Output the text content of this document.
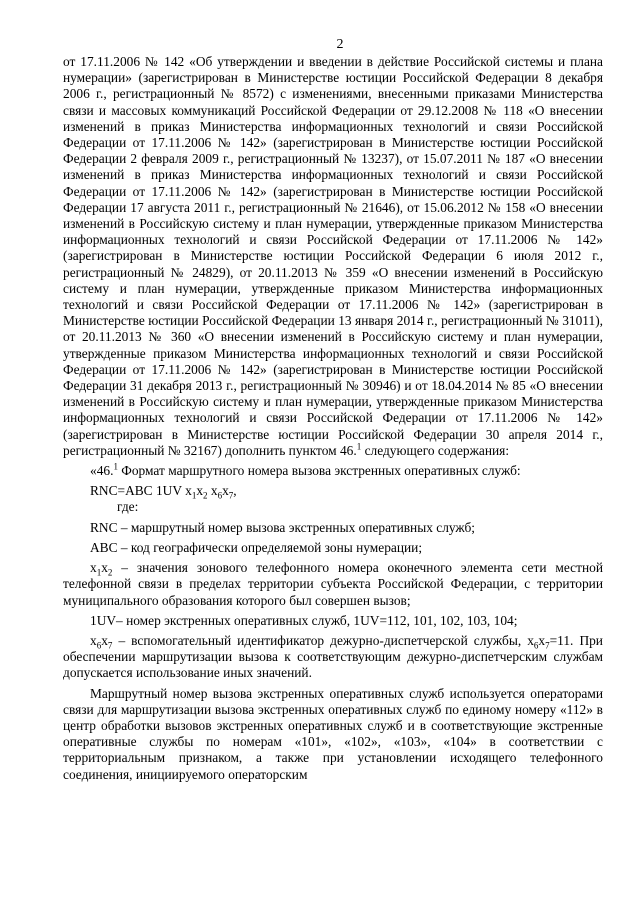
2

от 17.11.2006 № 142 «Об утверждении и введении в действие Российской системы и плана нумерации» (зарегистрирован в Министерстве юстиции Российской Федерации 8 декабря 2006 г., регистрационный № 8572) с изменениями, внесенными приказами Министерства связи и массовых коммуникаций Российской Федерации от 29.12.2008 № 118 «О внесении изменений в приказ Министерства информационных технологий и связи Российской Федерации от 17.11.2006 № 142» (зарегистрирован в Министерстве юстиции Российской Федерации 2 февраля 2009 г., регистрационный № 13237), от 15.07.2011 № 187 «О внесении изменений в приказ Министерства информационных технологий и связи Российской Федерации от 17.11.2006 № 142» (зарегистрирован в Министерстве юстиции Российской Федерации 17 августа 2011 г., регистрационный № 21646), от 15.06.2012 № 158 «О внесении изменений в Российскую систему и план нумерации, утвержденные приказом Министерства информационных технологий и связи Российской Федерации от 17.11.2006 № 142» (зарегистрирован в Министерстве юстиции Российской Федерации 6 июля 2012 г., регистрационный № 24829), от 20.11.2013 № 359 «О внесении изменений в Российскую систему и план нумерации, утвержденные приказом Министерства информационных технологий и связи Российской Федерации от 17.11.2006 № 142» (зарегистрирован в Министерстве юстиции Российской Федерации 13 января 2014 г., регистрационный № 31011), от 20.11.2013 № 360 «О внесении изменений в Российскую систему и план нумерации, утвержденные приказом Министерства информационных технологий и связи Российской Федерации от 17.11.2006 № 142» (зарегистрирован в Министерстве юстиции Российской Федерации 31 декабря 2013 г., регистрационный № 30946) и от 18.04.2014 № 85 «О внесении изменений в Российскую систему и план нумерации, утвержденные приказом Министерства информационных технологий и связи Российской Федерации от 17.11.2006 № 142» (зарегистрирован в Министерстве юстиции Российской Федерации 30 апреля 2014 г., регистрационный № 32167) дополнить пунктом 46.$^1$ следующего содержания:

«46.$^1$ Формат маршрутного номера вызова экстренных оперативных служб:

RNC=ABC 1UV $x_1x_2$ $x_6x_7$,

где:

RNC – маршрутный номер вызова экстренных оперативных служб;

ABC – код географически определяемой зоны нумерации;

$x_1x_2$ – значения зонового телефонного номера оконечного элемента сети местной телефонной связи в пределах территории субъекта Российской Федерации, с территории муниципального образования которого был совершен вызов;

1UV– номер экстренных оперативных служб, 1UV=112, 101, 102, 103, 104;

$x_6x_7$ – вспомогательный идентификатор дежурно-диспетчерской службы, $x_6x_7=11$. При обеспечении маршрутизации вызова к соответствующим дежурно-диспетчерским службам допускается использование иных значений.

Маршрутный номер вызова экстренных оперативных служб используется операторами связи для маршрутизации вызова экстренных оперативных служб по единому номеру «112» в центр обработки вызовов экстренных оперативных служб и в соответствующие экстренные оперативные службы по номерам «101», «102», «103», «104» в соответствии с территориальным признаком, а также при установлении исходящего телефонного соединения, инициируемого операторским
